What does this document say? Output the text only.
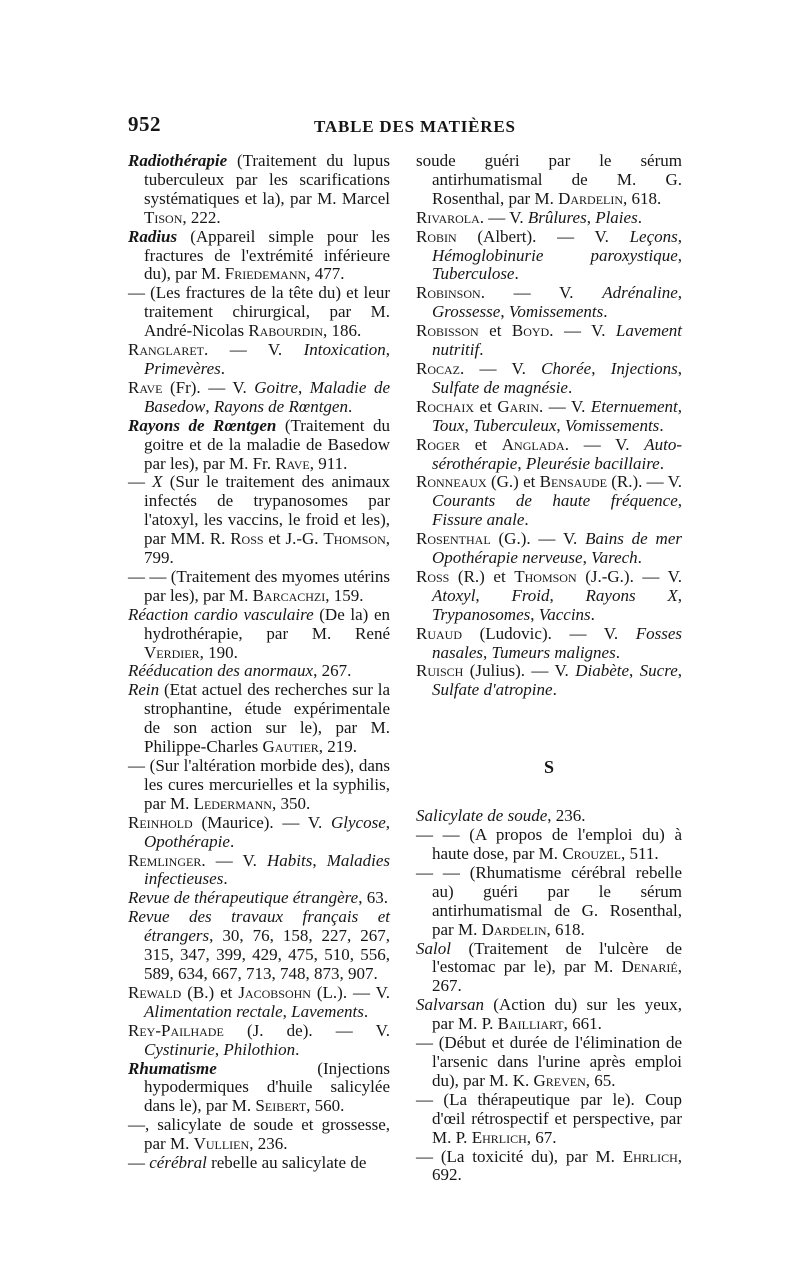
952	TABLE DES MATIÈRES

Radiothérapie (Traitement du lupus tuberculeux par les scarifications systématiques et la), par M. Marcel Tison, 222.

Radius (Appareil simple pour les fractures de l'extrémité inférieure du), par M. Friedemann, 477.

— (Les fractures de la tête du) et leur traitement chirurgical, par M. André-Nicolas Rabourdin, 186.

Ranglaret. — V. Intoxication, Primevères.

Rave (Fr). — V. Goitre, Maladie de Basedow, Rayons de Rœntgen.

Rayons de Rœntgen (Traitement du goitre et de la maladie de Basedow par les), par M. Fr. Rave, 911.

— X (Sur le traitement des animaux infectés de trypanosomes par l'atoxyl, les vaccins, le froid et les), par MM. R. Ross et J.-G. Thomson, 799.

— — (Traitement des myomes utérins par les), par M. Barcachzi, 159.

Réaction cardio vasculaire (De la) en hydrothérapie, par M. René Verdier, 190.

Rééducation des anormaux, 267.

Rein (Etat actuel des recherches sur la strophantine, étude expérimentale de son action sur le), par M. Philippe-Charles Gautier, 219.

— (Sur l'altération morbide des), dans les cures mercurielles et la syphilis, par M. Ledermann, 350.

Reinhold (Maurice). — V. Glycose, Opothérapie.

Remlinger. — V. Habits, Maladies infectieuses.

Revue de thérapeutique étrangère, 63.

Revue des travaux français et étrangers, 30, 76, 158, 227, 267, 315, 347, 399, 429, 475, 510, 556, 589, 634, 667, 713, 748, 873, 907.

Rewald (B.) et Jacobsohn (L.). — V. Alimentation rectale, Lavements.

Rey-Pailhade (J. de). — V. Cystinurie, Philothion.

Rhumatisme (Injections hypodermiques d'huile salicylée dans le), par M. Seibert, 560.

—, salicylate de soude et grossesse, par M. Vullien, 236.

— cérébral rebelle au salicylate de

soude guéri par le sérum antirhumatismal de M. G. Rosenthal, par M. Dardelin, 618.

Rivarola. — V. Brûlures, Plaies.

Robin (Albert). — V. Leçons, Hémoglobinurie paroxystique, Tuberculose.

Robinson. — V. Adrénaline, Grossesse, Vomissements.

Robisson et Boyd. — V. Lavement nutritif.

Rocaz. — V. Chorée, Injections, Sulfate de magnésie.

Rochaix et Garin. — V. Eternuement, Toux, Tuberculeux, Vomissements.

Roger et Anglada. — V. Auto-sérothérapie, Pleurésie bacillaire.

Ronneaux (G.) et Bensaude (R.). — V. Courants de haute fréquence, Fissure anale.

Rosenthal (G.). — V. Bains de mer Opothérapie nerveuse, Varech.

Ross (R.) et Thomson (J.-G.). — V. Atoxyl, Froid, Rayons X, Trypanosomes, Vaccins.

Ruaud (Ludovic). — V. Fosses nasales, Tumeurs malignes.

Ruisch (Julius). — V. Diabète, Sucre, Sulfate d'atropine.

S

Salicylate de soude, 236.

— — (A propos de l'emploi du) à haute dose, par M. Crouzel, 511.

— — (Rhumatisme cérébral rebelle au) guéri par le sérum antirhumatismal de G. Rosenthal, par M. Dardelin, 618.

Salol (Traitement de l'ulcère de l'estomac par le), par M. Denarié, 267.

Salvarsan (Action du) sur les yeux, par M. P. Bailliart, 661.

— (Début et durée de l'élimination de l'arsenic dans l'urine après emploi du), par M. K. Greven, 65.

— (La thérapeutique par le). Coup d'œil rétrospectif et perspective, par M. P. Ehrlich, 67.

— (La toxicité du), par M. Ehrlich, 692.
